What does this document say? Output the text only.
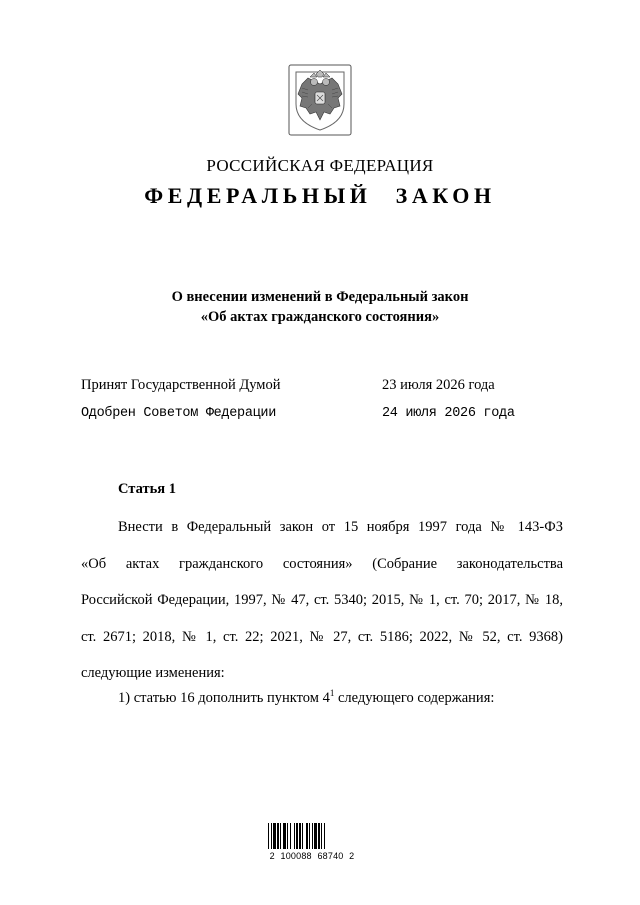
РОССИЙСКАЯ ФЕДЕРАЦИЯ
ФЕДЕРАЛЬНЫЙ ЗАКОН
О внесении изменений в Федеральный закон
«Об актах гражданского состояния»
Принят Государственной Думой	23 июля 2026 года
Одобрен Советом Федерации	24 июля 2026 года
Статья 1
Внести в Федеральный закон от 15 ноября 1997 года № 143-ФЗ
«Об актах гражданского состояния» (Собрание законодательства
Российской Федерации, 1997, № 47, ст. 5340; 2015, № 1, ст. 70; 2017, № 18,
ст. 2671; 2018, № 1, ст. 22; 2021, № 27, ст. 5186; 2022, № 52, ст. 9368)
следующие изменения:
1) статью 16 дополнить пунктом $4^1$ следующего содержания:
2 100088 68740 2
